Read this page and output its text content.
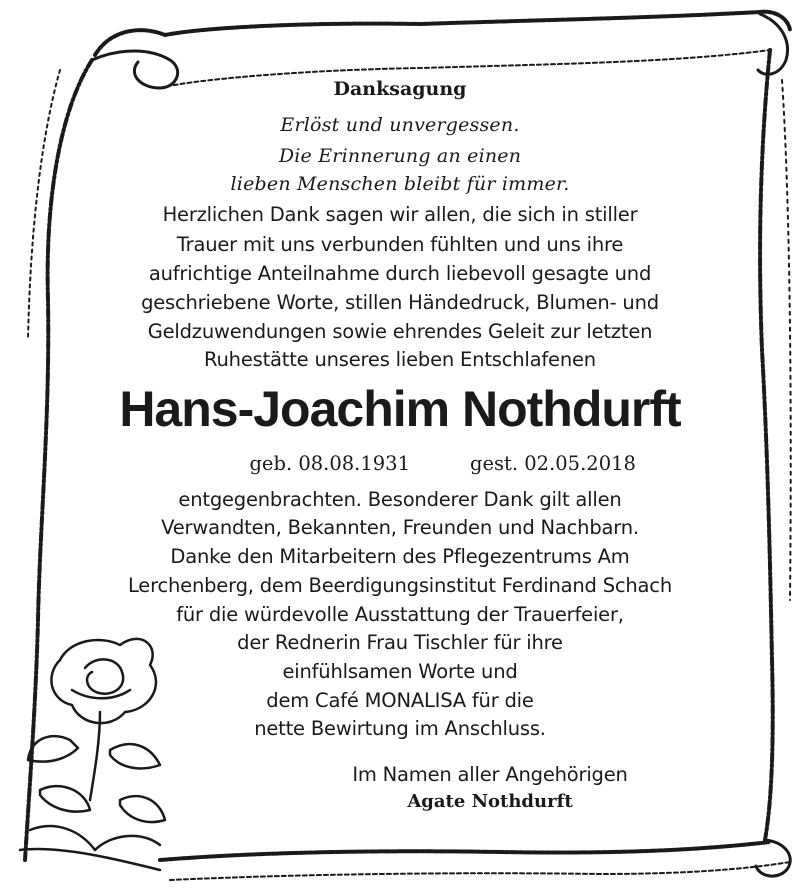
Danksagung
Erlöst und unvergessen.
Die Erinnerung an einen
lieben Menschen bleibt für immer.
Herzlichen Dank sagen wir allen, die sich in stiller
Trauer mit uns verbunden fühlten und uns ihre
aufrichtige Anteilnahme durch liebevoll gesagte und
geschriebene Worte, stillen Händedruck, Blumen- und
Geldzuwendungen sowie ehrendes Geleit zur letzten
Ruhestätte unseres lieben Entschlafenen
Hans-Joachim Nothdurft
geb. 08.08.1931	gest. 02.05.2018
entgegenbrachten. Besonderer Dank gilt allen
Verwandten, Bekannten, Freunden und Nachbarn.
Danke den Mitarbeitern des Pflegezentrums Am
Lerchenberg, dem Beerdigungsinstitut Ferdinand Schach
für die würdevolle Ausstattung der Trauerfeier,
der Rednerin Frau Tischler für ihre
einfühlsamen Worte und
dem Café MONALISA für die
nette Bewirtung im Anschluss.
Im Namen aller Angehörigen
Agate Nothdurft
